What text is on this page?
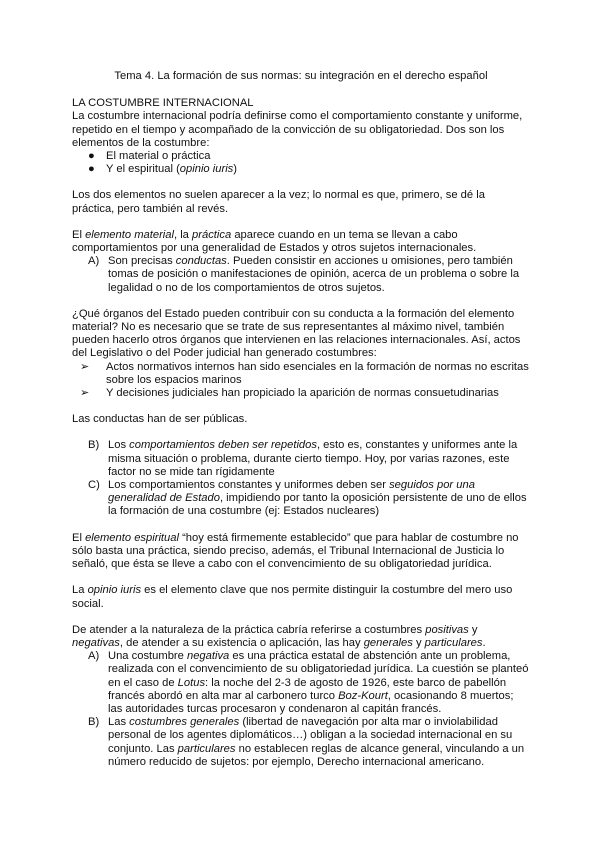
Tema 4. La formación de sus normas: su integración en el derecho español

LA COSTUMBRE INTERNACIONAL

La costumbre internacional podría definirse como el comportamiento constante y uniforme, repetido en el tiempo y acompañado de la convicción de su obligatoriedad. Dos son los elementos de la costumbre:

● El material o práctica
● Y el espiritual (opinio iuris)

Los dos elementos no suelen aparecer a la vez; lo normal es que, primero, se dé la práctica, pero también al revés.

El elemento material, la práctica aparece cuando en un tema se llevan a cabo comportamientos por una generalidad de Estados y otros sujetos internacionales.

A) Son precisas conductas. Pueden consistir en acciones u omisiones, pero también tomas de posición o manifestaciones de opinión, acerca de un problema o sobre la legalidad o no de los comportamientos de otros sujetos.

¿Qué órganos del Estado pueden contribuir con su conducta a la formación del elemento material? No es necesario que se trate de sus representantes al máximo nivel, también pueden hacerlo otros órganos que intervienen en las relaciones internacionales. Así, actos del Legislativo o del Poder judicial han generado costumbres:

➢ Actos normativos internos han sido esenciales en la formación de normas no escritas sobre los espacios marinos
➢ Y decisiones judiciales han propiciado la aparición de normas consuetudinarias

Las conductas han de ser públicas.

B) Los comportamientos deben ser repetidos, esto es, constantes y uniformes ante la misma situación o problema, durante cierto tiempo. Hoy, por varias razones, este factor no se mide tan rígidamente
C) Los comportamientos constantes y uniformes deben ser seguidos por una generalidad de Estado, impidiendo por tanto la oposición persistente de uno de ellos la formación de una costumbre (ej: Estados nucleares)

El elemento espiritual “hoy está firmemente establecido” que para hablar de costumbre no sólo basta una práctica, siendo preciso, además, el Tribunal Internacional de Justicia lo señaló, que ésta se lleve a cabo con el convencimiento de su obligatoriedad jurídica.

La opinio iuris es el elemento clave que nos permite distinguir la costumbre del mero uso social.

De atender a la naturaleza de la práctica cabría referirse a costumbres positivas y negativas, de atender a su existencia o aplicación, las hay generales y particulares.

A) Una costumbre negativa es una práctica estatal de abstención ante un problema, realizada con el convencimiento de su obligatoriedad jurídica. La cuestión se planteó en el caso de Lotus: la noche del 2-3 de agosto de 1926, este barco de pabellón francés abordó en alta mar al carbonero turco Boz-Kourt, ocasionando 8 muertos; las autoridades turcas procesaron y condenaron al capitán francés.
B) Las costumbres generales (libertad de navegación por alta mar o inviolabilidad personal de los agentes diplomáticos…) obligan a la sociedad internacional en su conjunto. Las particulares no establecen reglas de alcance general, vinculando a un número reducido de sujetos: por ejemplo, Derecho internacional americano.
